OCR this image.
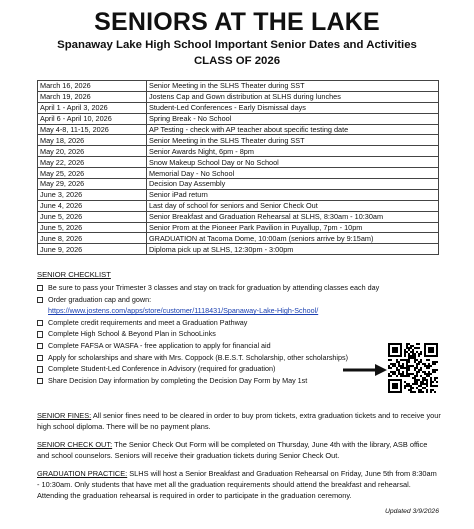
SENIORS AT THE LAKE
Spanaway Lake High School Important Senior Dates and Activities
CLASS OF 2026
March 16, 2026	Senior Meeting in the SLHS Theater during SST
March 19, 2026	Jostens Cap and Gown distribution at SLHS during lunches
April 1 - April 3, 2026	Student-Led Conferences - Early Dismissal days
April 6 - April 10, 2026	Spring Break - No School
May 4-8, 11-15, 2026	AP Testing - check with AP teacher about specific testing date
May 18, 2026	Senior Meeting in the SLHS Theater during SST
May 20, 2026	Senior Awards Night, 6pm - 8pm
May 22, 2026	Snow Makeup School Day or No School
May 25, 2026	Memorial Day - No School
May 29, 2026	Decision Day Assembly
June 3, 2026	Senior iPad return
June 4, 2026	Last day of school for seniors and Senior Check Out
June 5, 2026	Senior Breakfast and Graduation Rehearsal at SLHS, 8:30am - 10:30am
June 5, 2026	Senior Prom at the Pioneer Park Pavilion in Puyallup, 7pm - 10pm
June 8, 2026	GRADUATION at Tacoma Dome, 10:00am (seniors arrive by 9:15am)
June 9, 2026	Diploma pick up at SLHS, 12:30pm - 3:00pm
SENIOR CHECKLIST
Be sure to pass your Trimester 3 classes and stay on track for graduation by attending classes each day
Order graduation cap and gown:
https://www.jostens.com/apps/store/customer/1118431/Spanaway-Lake-High-School/
Complete credit requirements and meet a Graduation Pathway
Complete High School & Beyond Plan in SchooLinks
Complete FAFSA or WASFA - free application to apply for financial aid
Apply for scholarships and share with Mrs. Coppock (B.E.S.T. Scholarship, other scholarships)
Complete Student-Led Conference in Advisory (required for graduation)
Share Decision Day information by completing the Decision Day Form by May 1st
SENIOR FINES: All senior fines need to be cleared in order to buy prom tickets, extra graduation tickets and to receive your high school diploma. There will be no payment plans.
SENIOR CHECK OUT: The Senior Check Out Form will be completed on Thursday, June 4th with the library, ASB office and school counselors. Seniors will receive their graduation tickets during Senior Check Out.
GRADUATION PRACTICE: SLHS will host a Senior Breakfast and Graduation Rehearsal on Friday, June 5th from 8:30am - 10:30am. Only students that have met all the graduation requirements should attend the breakfast and rehearsal. Attending the graduation rehearsal is required in order to participate in the graduation ceremony.
Updated 3/9/2026
